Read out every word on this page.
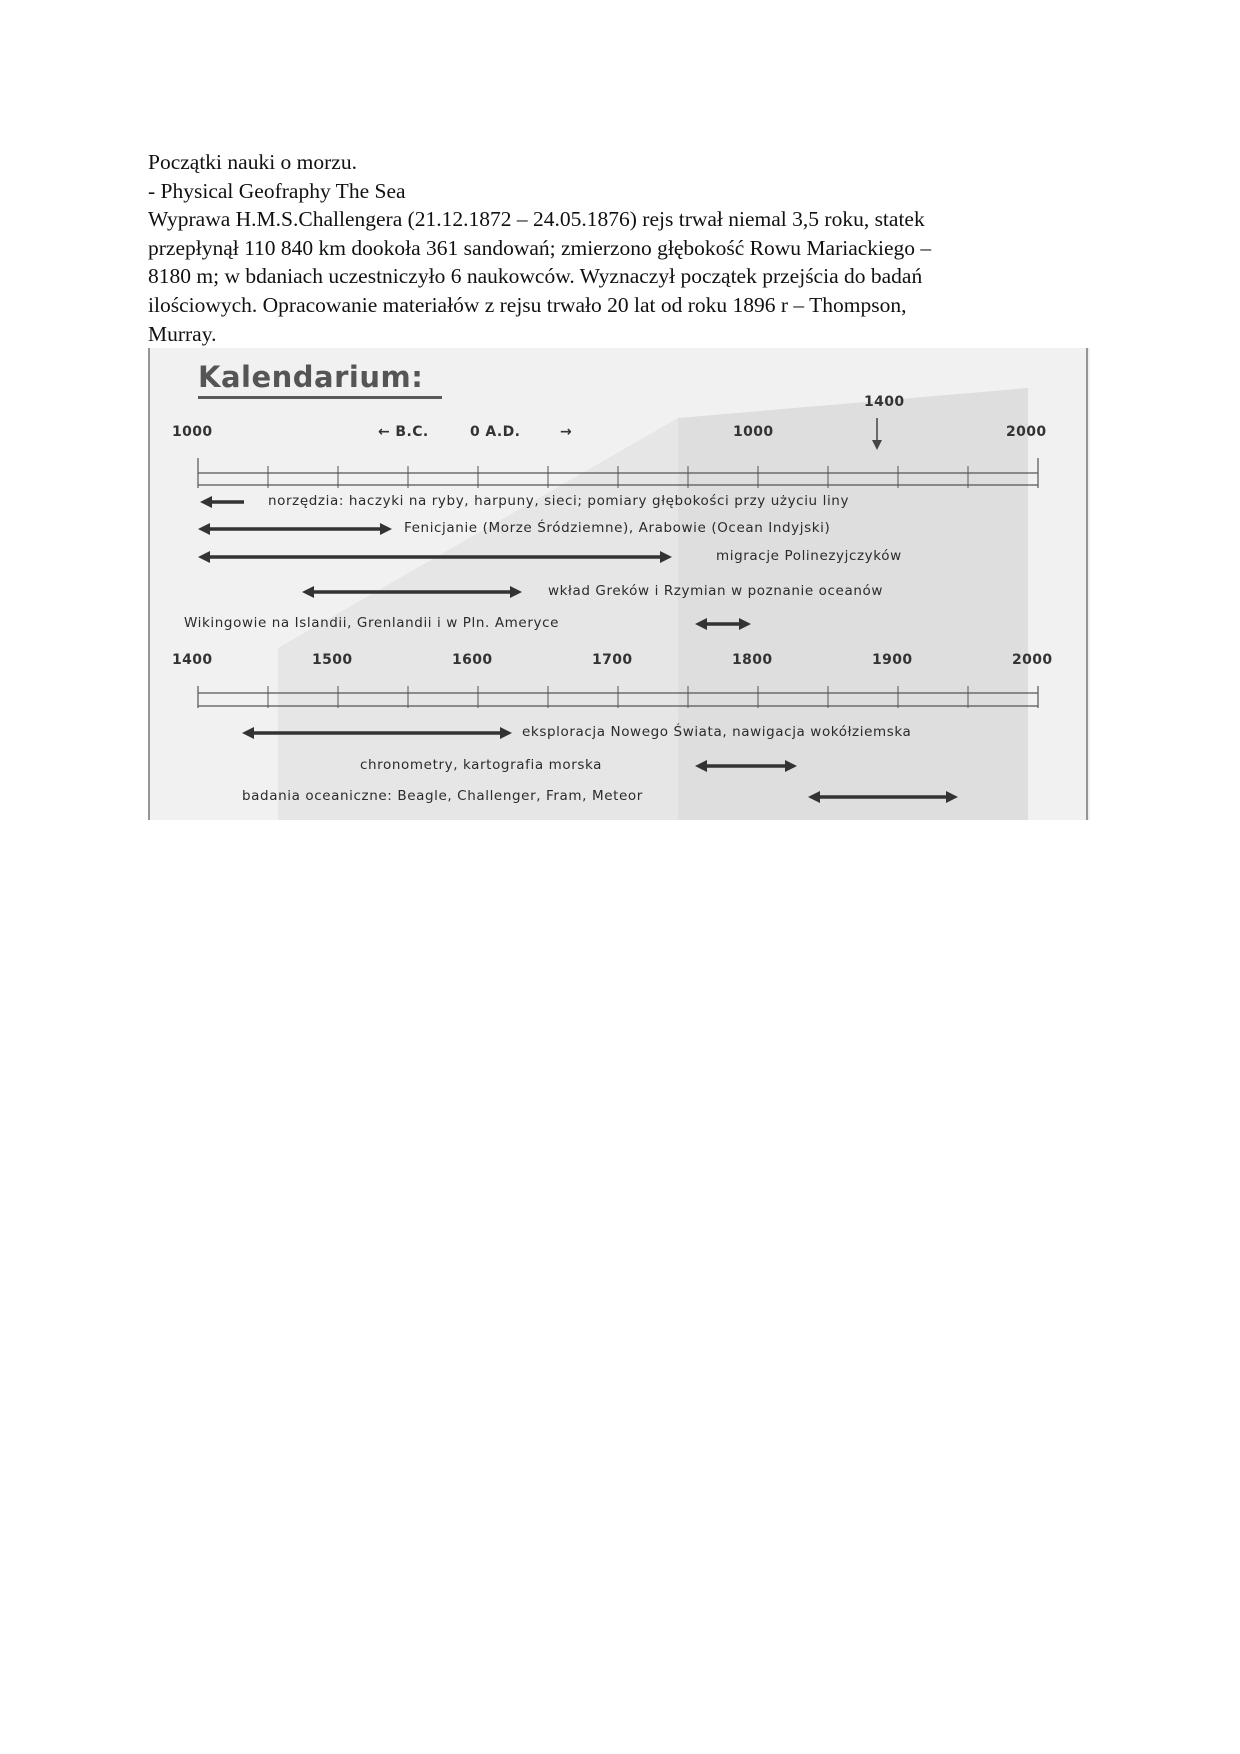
Początki nauki o morzu.

- Physical Geofraphy The Sea

Wyprawa H.M.S.Challengera (21.12.1872 – 24.05.1876) rejs trwał niemal 3,5 roku, statek

przepłynął 110 840 km dookoła 361 sandowań; zmierzono głębokość Rowu Mariackiego –

8180 m; w bdaniach uczestniczyło 6 naukowców. Wyznaczył początek przejścia do badań

ilościowych. Opracowanie materiałów z rejsu trwało 20 lat od roku 1896 r – Thompson,

Murray.

Kalendarium:
1400
1000	← B.C.	0 A.D.	→	1000	2000
norzędzia: haczyki na ryby, harpuny, sieci; pomiary głębokości przy użyciu liny
Fenicjanie (Morze Śródziemne), Arabowie (Ocean Indyjski)
migracje Polinezyjczyków
wkład Greków i Rzymian w poznanie oceanów
Wikingowie na Islandii, Grenlandii i w Pln. Ameryce
1400	1500	1600	1700	1800	1900	2000
eksploracja Nowego Świata, nawigacja wokółziemska
chronometry, kartografia morska
badania oceaniczne: Beagle, Challenger, Fram, Meteor
